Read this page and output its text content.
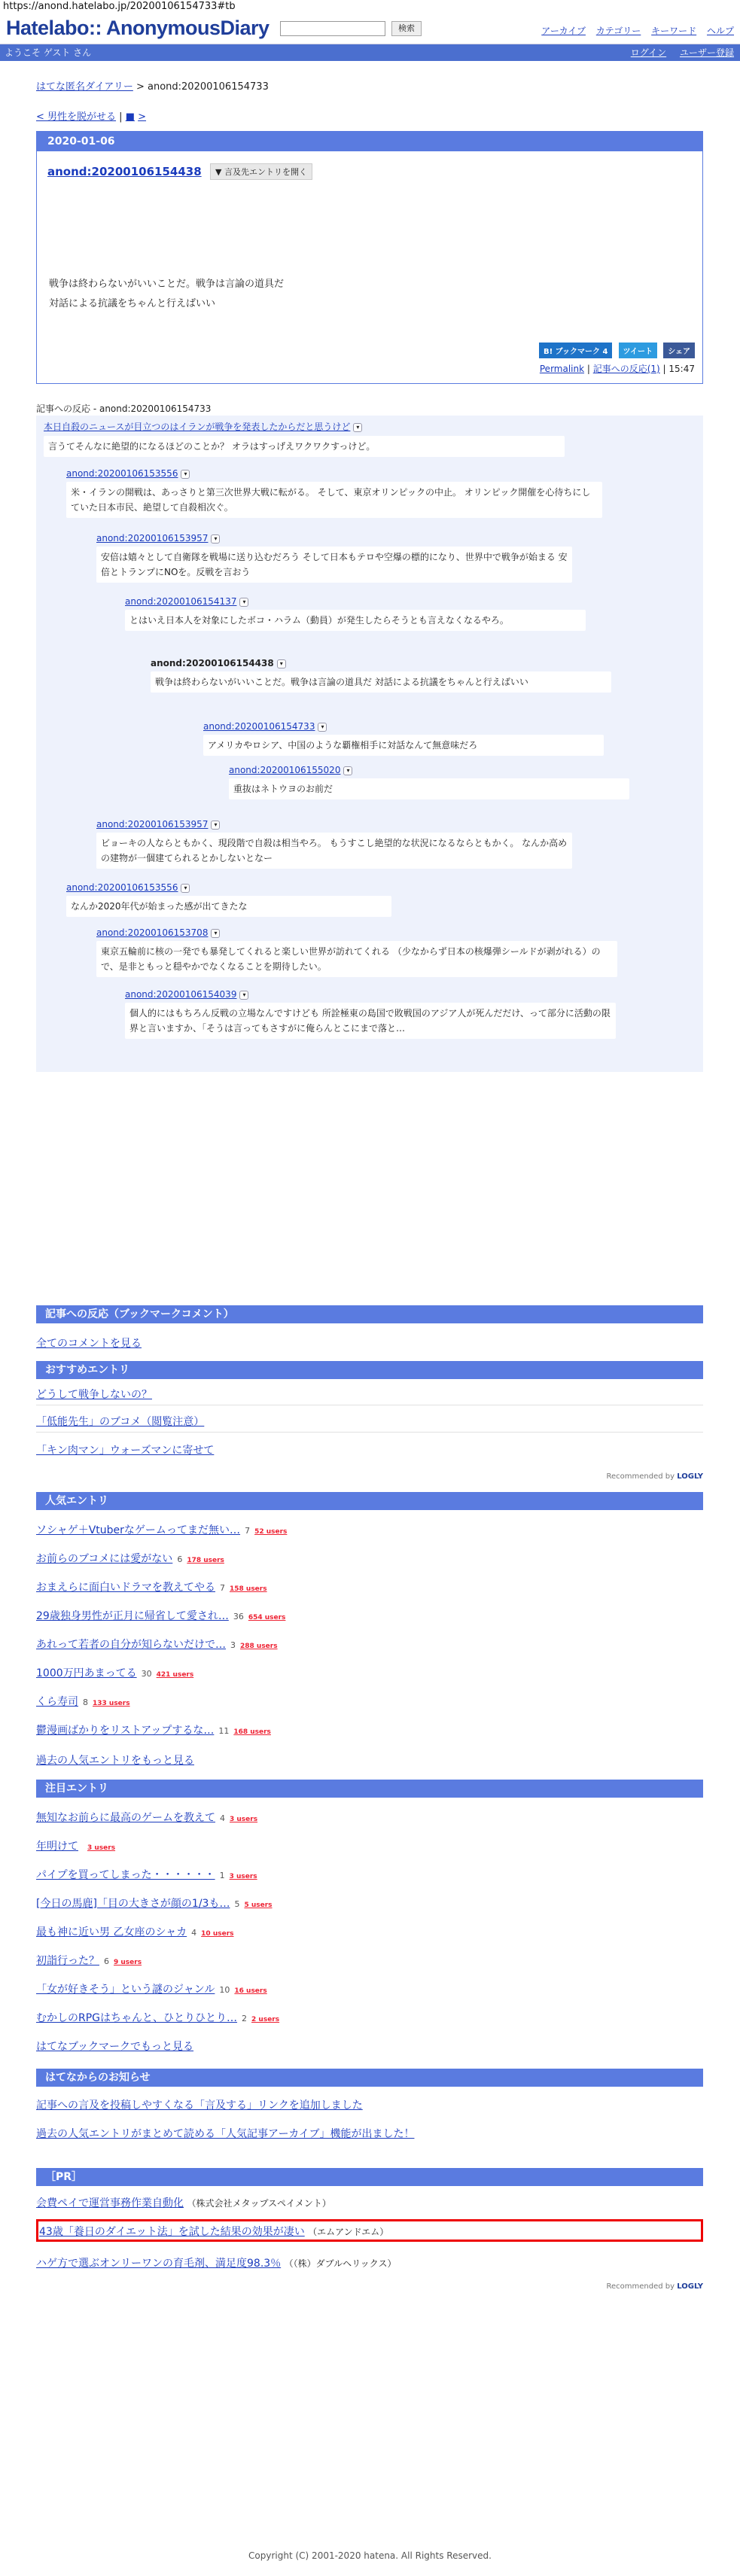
https://anond.hatelabo.jp/20200106154733#tb
Hatelabo:: AnonymousDiary	検索	アーカイブ カテゴリー キーワード ヘルプ
ようこそ ゲスト さん	ログイン ユーザー登録
はてな匿名ダイアリー > anond:20200106154733
< 男性を脱がせる | ■ >
2020-01-06
anond:20200106154438	▼ 言及先エントリを開く
戦争は終わらないがいいことだ。戦争は言論の道具だ
対話による抗議をちゃんと行えばいい
B! ブックマーク 4 ツイート シェア
Permalink | 記事への反応(1) | 15:47
記事への反応 - anond:20200106154733
本日自殺のニュースが目立つのはイランが戦争を発表したからだと思うけど ▾
言うてそんなに絶望的になるほどのことか？ オラはすっげえワクワクすっけど。
anond:20200106153556 ▾
米・イランの開戦は、あっさりと第三次世界大戦に転がる。 そして、東京オリンピックの中止。 オリンピック開催を心待ちにしていた日本市民、絶望して自殺相次ぐ。
anond:20200106153957 ▾
安倍は嬉々として自衛隊を戦場に送り込むだろう そして日本もテロや空爆の標的になり、世界中で戦争が始まる 安倍とトランプにNOを。反戦を言おう
anond:20200106154137 ▾
とはいえ日本人を対象にしたボコ・ハラム（動員）が発生したらそうとも言えなくなるやろ。
anond:20200106154438 ▾
戦争は終わらないがいいことだ。戦争は言論の道具だ 対話による抗議をちゃんと行えばいい
anond:20200106154733 ▾
アメリカやロシア、中国のような覇権相手に対話なんて無意味だろ
anond:20200106155020 ▾
重抜はネトウヨのお前だ
anond:20200106153957 ▾
ビョーキの人ならともかく、現段階で自殺は相当やろ。 もうすこし絶望的な状況になるならともかく。 なんか高めの建物が一個建てられるとかしないとなー
anond:20200106153556 ▾
なんか2020年代が始まった感が出てきたな
anond:20200106153708 ▾
東京五輪前に核の一発でも暴発してくれると楽しい世界が訪れてくれる （少なからず日本の核爆弾シールドが剥がれる）ので、是非ともっと穏やかでなくなることを期待したい。
anond:20200106154039 ▾
個人的にはもちろん反戦の立場なんですけども 所詮極東の島国で敗戦国のアジア人が死んだだけ、って部分に活動の限界と言いますか、「そうは言ってもさすがに俺らんとこにまで落と…
記事への反応（ブックマークコメント）
全てのコメントを見る
おすすめエントリ
どうして戦争しないの？
「低能先生」のブコメ（閲覧注意）
「キン肉マン」ウォーズマンに寄せて
Recommended by LOGLY
人気エントリ
ソシャゲ＋Vtuberなゲームってまだ無い… 7 52 users
お前らのブコメには愛がない 6 178 users
おまえらに面白いドラマを教えてやる 7 158 users
29歳独身男性が正月に帰省して愛され… 36 654 users
あれって若者の自分が知らないだけで… 3 288 users
1000万円あまってる 30 421 users
くら寿司 8 133 users
鬱漫画ばかりをリストアップするな… 11 168 users
過去の人気エントリをもっと見る
注目エントリ
無知なお前らに最高のゲームを教えて 4 3 users
年明けて 3 users
パイプを買ってしまった・・・・・・ 1 3 users
[今日の馬鹿]「目の大きさが顔の1/3も… 5 5 users
最も神に近い男 乙女座のシャカ 4 10 users
初詣行った？ 6 9 users
「女が好きそう」という謎のジャンル 10 16 users
むかしのRPGはちゃんと、ひとりひとり… 2 2 users
はてなブックマークでもっと見る
はてなからのお知らせ
記事への言及を投稿しやすくなる「言及する」リンクを追加しました
過去の人気エントリがまとめて読める「人気記事アーカイブ」機能が出ました！
［PR］
会費ペイで運営事務作業自動化 （株式会社メタップスペイメント）
43歳「養日のダイエット法」を試した結果の効果が凄い （エムアンドエム）
ハゲ方で選ぶオンリーワンの育毛剤、満足度98.3％ （（株）ダブルヘリックス）
Recommended by LOGLY
Copyright (C) 2001-2020 hatena. All Rights Reserved.
